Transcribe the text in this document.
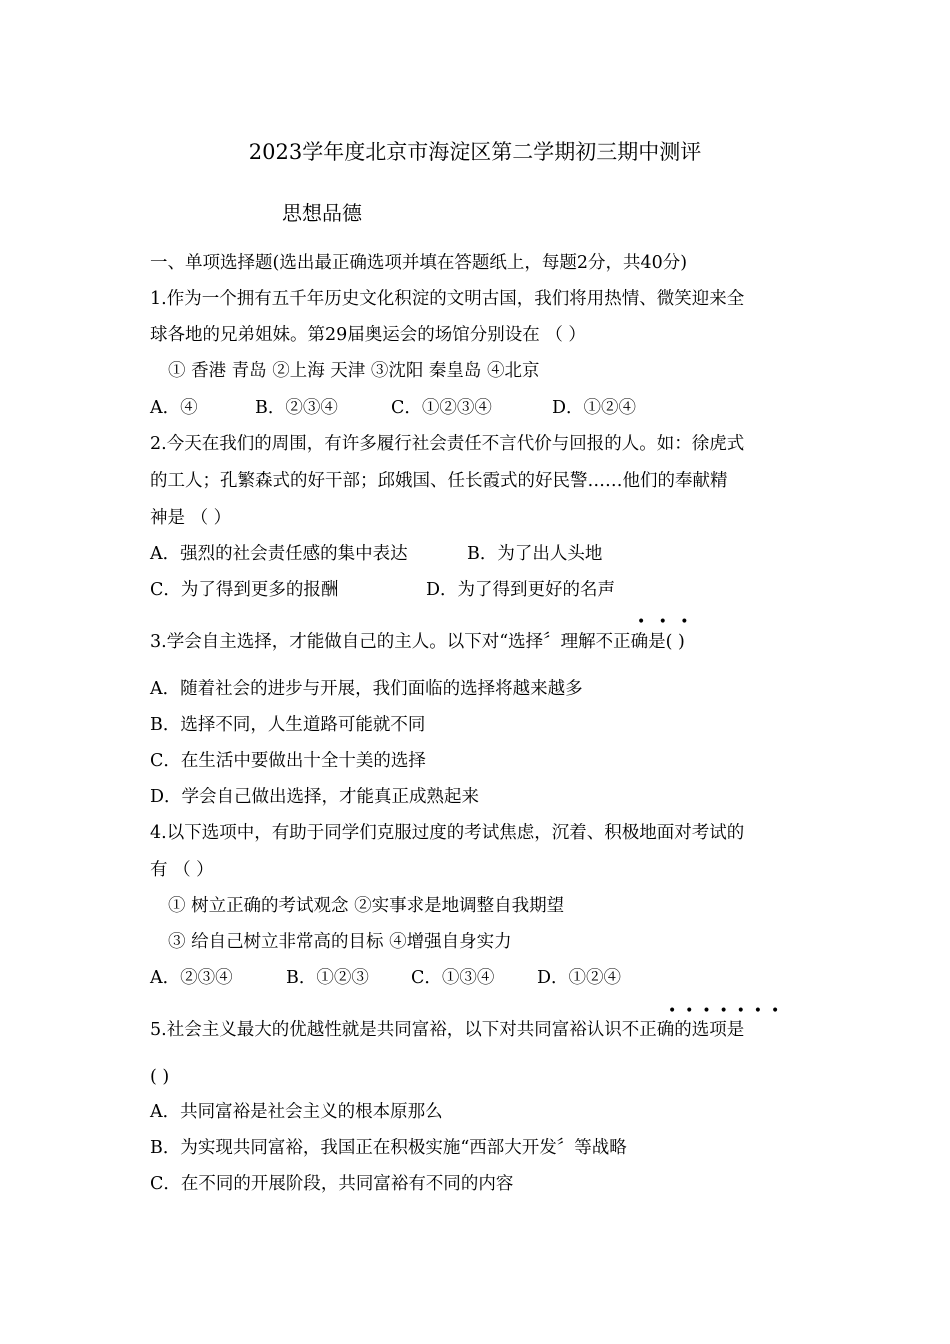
2023学年度北京市海淀区第二学期初三期中测评
思想品德
一、单项选择题(选出最正确选项并填在答题纸上，每题2分，共40分)
1.作为一个拥有五千年历史文化积淀的文明古国，我们将用热情、微笑迎来全
球各地的兄弟姐妹。第29届奥运会的场馆分别设在 （ ）
① 香港 青岛 ②上海 天津 ③沈阳 秦皇岛 ④北京
A．④	B．②③④	C．①②③④	D．①②④
2.今天在我们的周围，有许多履行社会责任不言代价与回报的人。如：徐虎式
的工人；孔繁森式的好干部；邱娥国、任长霞式的好民警……他们的奉献精
神是 （ ）
A．强烈的社会责任感的集中表达	B．为了出人头地
C．为了得到更多的报酬	D．为了得到更好的名声
•   •   •
3.学会自主选择，才能做自己的主人。以下对“选择〞理解不正确是( )
A．随着社会的进步与开展，我们面临的选择将越来越多
B．选择不同，人生道路可能就不同
C．在生活中要做出十全十美的选择
D．学会自己做出选择，才能真正成熟起来
4.以下选项中，有助于同学们克服过度的考试焦虑，沉着、积极地面对考试的
有 （ ）
① 树立正确的考试观念 ②实事求是地调整自我期望
③ 给自己树立非常高的目标 ④增强自身实力
A．②③④	B．①②③ C．①③④ D．①②④
•  •  •  •  •  •  •
5.社会主义最大的优越性就是共同富裕，以下对共同富裕认识不正确的选项是
( )
A．共同富裕是社会主义的根本原那么
B．为实现共同富裕，我国正在积极实施“西部大开发〞等战略
C．在不同的开展阶段，共同富裕有不同的内容
